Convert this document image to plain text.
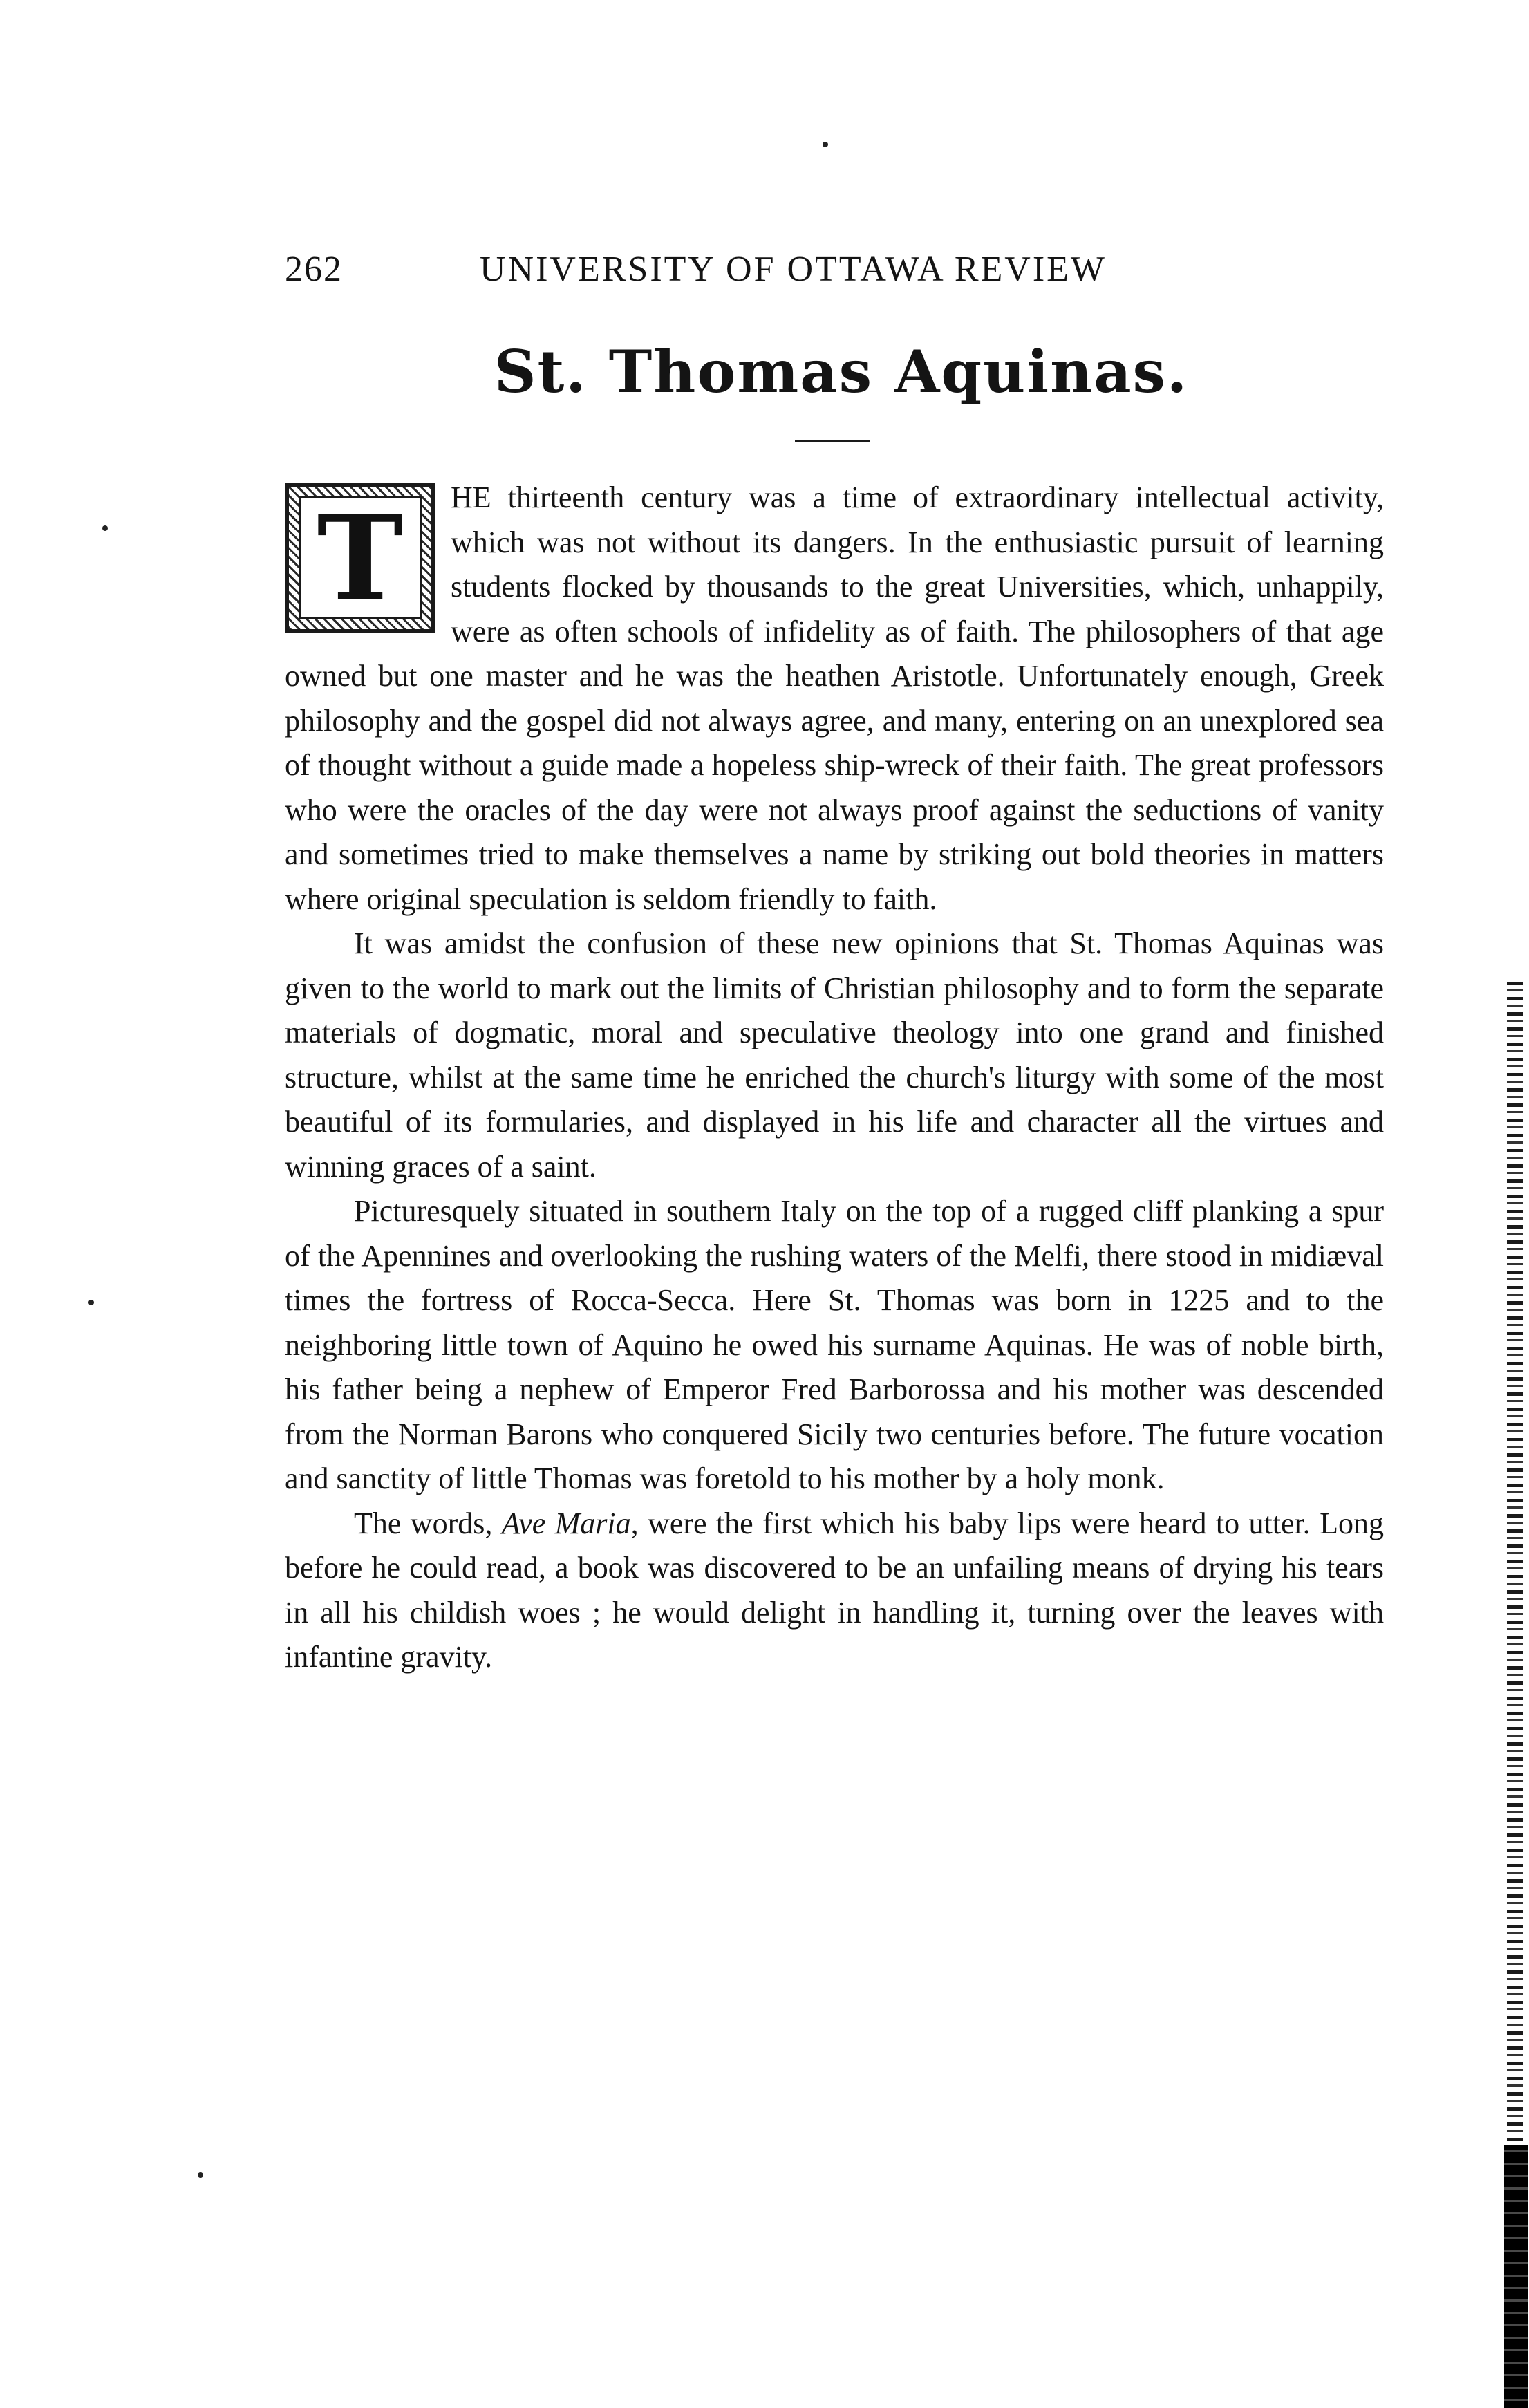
262	UNIVERSITY OF OTTAWA REVIEW
St. Thomas Aquinas.

T HE thirteenth century was a time of extraordinary intellectual activity, which was not without its dangers. In the enthusiastic pursuit of learning students flocked by thousands to the great Universities, which, unhappily, were as often schools of infidelity as of faith. The philosophers of that age owned but one master and he was the heathen Aristotle. Unfortunately enough, Greek philosophy and the gospel did not always agree, and many, entering on an unexplored sea of thought without a guide made a hopeless ship-wreck of their faith. The great professors who were the oracles of the day were not always proof against the seductions of vanity and sometimes tried to make themselves a name by striking out bold theories in matters where original speculation is seldom friendly to faith.

It was amidst the confusion of these new opinions that St. Thomas Aquinas was given to the world to mark out the limits of Christian philosophy and to form the separate materials of dogmatic, moral and speculative theology into one grand and finished structure, whilst at the same time he enriched the church's liturgy with some of the most beautiful of its formularies, and displayed in his life and character all the virtues and winning graces of a saint.

Picturesquely situated in southern Italy on the top of a rugged cliff planking a spur of the Apennines and overlooking the rushing waters of the Melfi, there stood in midiæval times the fortress of Rocca-Secca. Here St. Thomas was born in 1225 and to the neighboring little town of Aquino he owed his surname Aquinas. He was of noble birth, his father being a nephew of Emperor Fred Barborossa and his mother was descended from the Norman Barons who conquered Sicily two centuries before. The future vocation and sanctity of little Thomas was foretold to his mother by a holy monk.

The words, Ave Maria, were the first which his baby lips were heard to utter. Long before he could read, a book was discovered to be an unfailing means of drying his tears in all his childish woes ; he would delight in handling it, turning over the leaves with infantine gravity.
